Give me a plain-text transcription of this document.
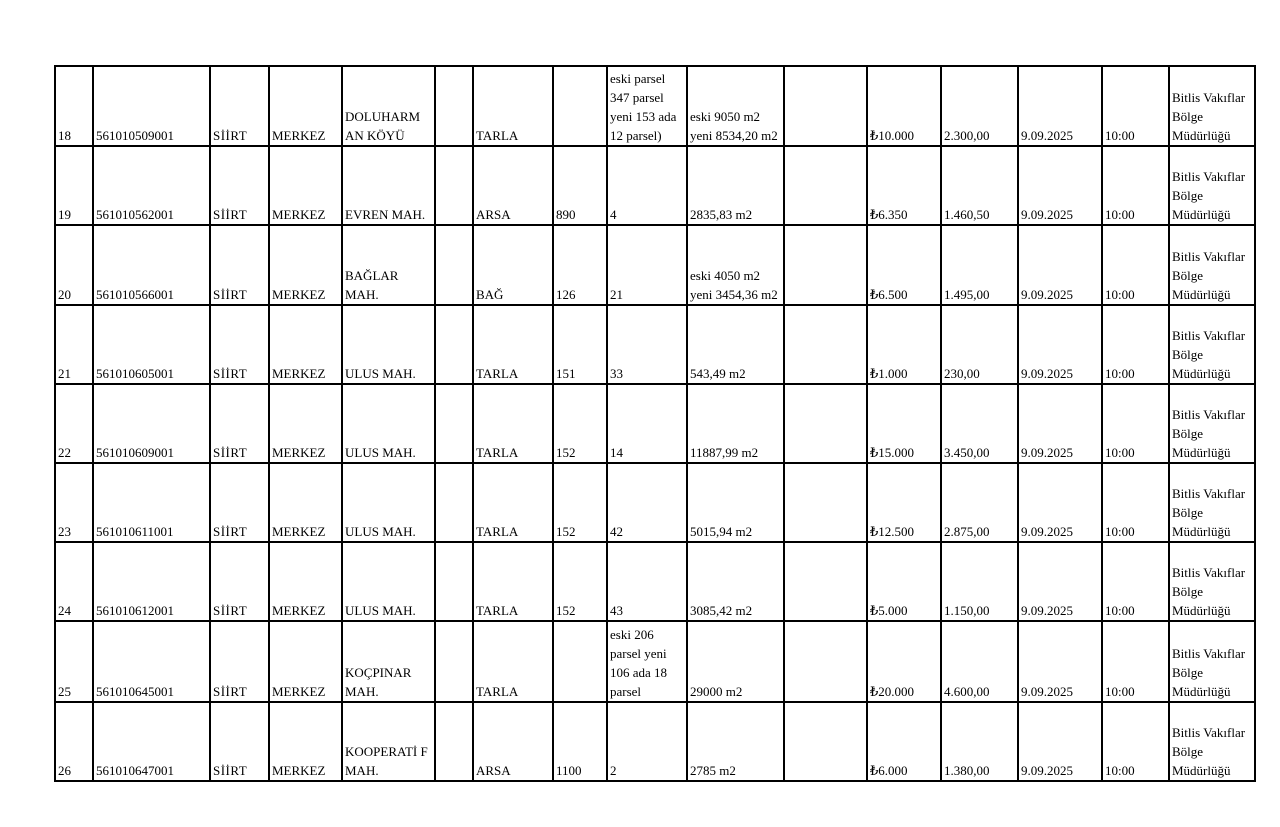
18	561010509001	SİİRT	MERKEZ	DOLUHARM AN KÖYÜ		TARLA		eski parsel 347 parsel yeni 153 ada 12 parsel)	eski 9050 m2 yeni 8534,20 m2		₺10.000	2.300,00	9.09.2025	10:00	Bitlis Vakıflar Bölge Müdürlüğü
19	561010562001	SİİRT	MERKEZ	EVREN MAH.		ARSA	890	4	2835,83 m2		₺6.350	1.460,50	9.09.2025	10:00	Bitlis Vakıflar Bölge Müdürlüğü
20	561010566001	SİİRT	MERKEZ	BAĞLAR MAH.		BAĞ	126	21	eski 4050 m2 yeni 3454,36 m2		₺6.500	1.495,00	9.09.2025	10:00	Bitlis Vakıflar Bölge Müdürlüğü
21	561010605001	SİİRT	MERKEZ	ULUS MAH.		TARLA	151	33	543,49 m2		₺1.000	230,00	9.09.2025	10:00	Bitlis Vakıflar Bölge Müdürlüğü
22	561010609001	SİİRT	MERKEZ	ULUS MAH.		TARLA	152	14	11887,99 m2		₺15.000	3.450,00	9.09.2025	10:00	Bitlis Vakıflar Bölge Müdürlüğü
23	561010611001	SİİRT	MERKEZ	ULUS MAH.		TARLA	152	42	5015,94 m2		₺12.500	2.875,00	9.09.2025	10:00	Bitlis Vakıflar Bölge Müdürlüğü
24	561010612001	SİİRT	MERKEZ	ULUS MAH.		TARLA	152	43	3085,42 m2		₺5.000	1.150,00	9.09.2025	10:00	Bitlis Vakıflar Bölge Müdürlüğü
25	561010645001	SİİRT	MERKEZ	KOÇPINAR MAH.		TARLA		eski 206 parsel yeni 106 ada 18 parsel	29000 m2		₺20.000	4.600,00	9.09.2025	10:00	Bitlis Vakıflar Bölge Müdürlüğü
26	561010647001	SİİRT	MERKEZ	KOOPERATİ F MAH.		ARSA	1100	2	2785 m2		₺6.000	1.380,00	9.09.2025	10:00	Bitlis Vakıflar Bölge Müdürlüğü
